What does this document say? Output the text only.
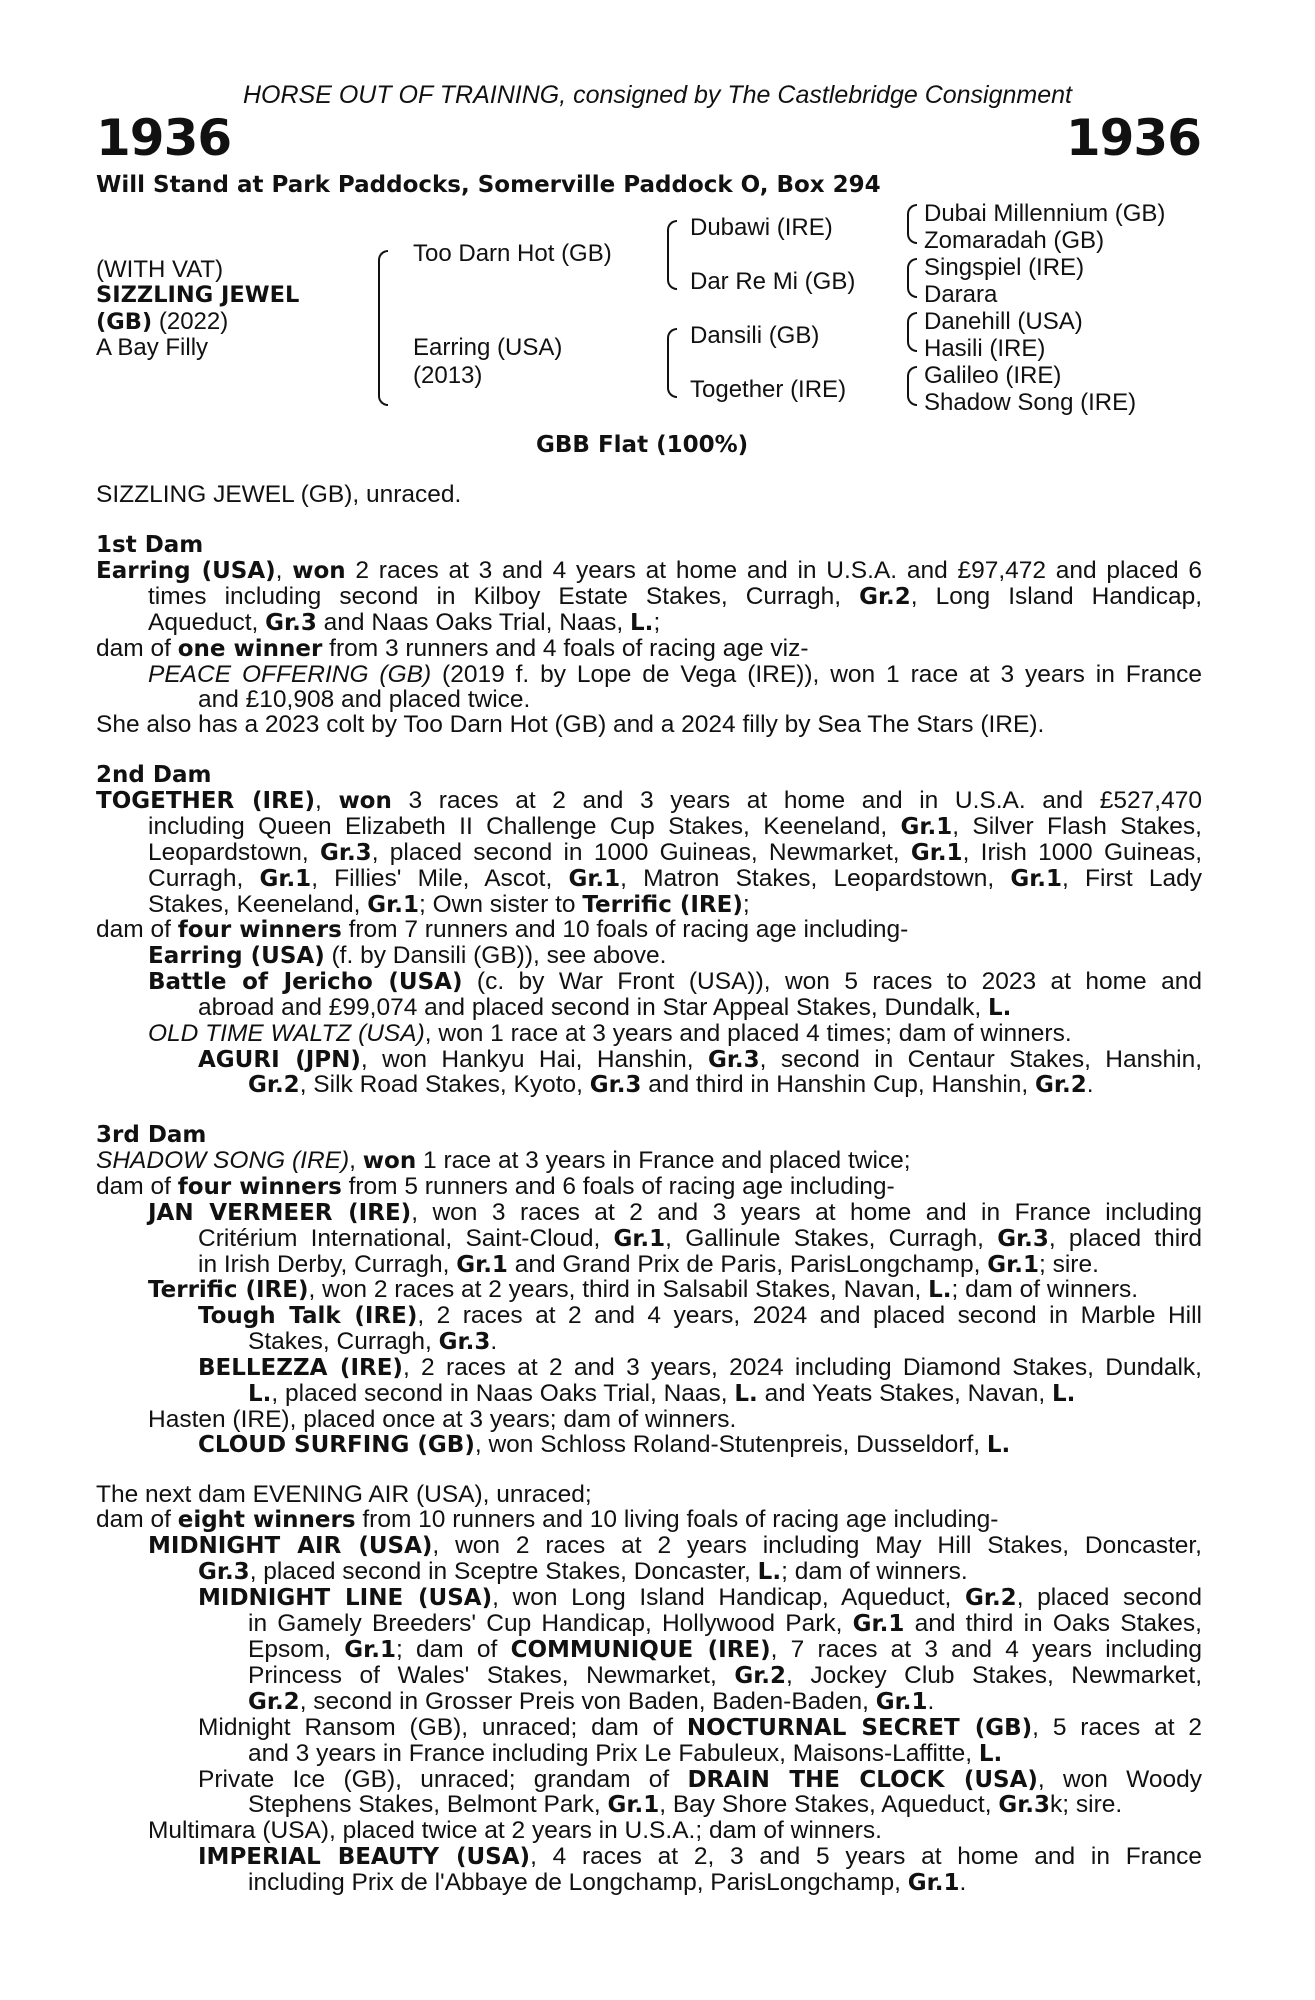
HORSE OUT OF TRAINING, consigned by The Castlebridge Consignment
1936	1936
Will Stand at Park Paddocks, Somerville Paddock O, Box 294
(WITH VAT)
SIZZLING JEWEL
(GB) (2022)
A Bay Filly
Too Darn Hot (GB)
Earring (USA)
(2013)
Dubawi (IRE)
Dar Re Mi (GB)
Dansili (GB)
Together (IRE)
Dubai Millennium (GB)
Zomaradah (GB)
Singspiel (IRE)
Darara
Danehill (USA)
Hasili (IRE)
Galileo (IRE)
Shadow Song (IRE)
GBB Flat (100%)
SIZZLING JEWEL (GB), unraced.
1st Dam
Earring (USA), won 2 races at 3 and 4 years at home and in U.S.A. and £97,472 and placed 6
times including second in Kilboy Estate Stakes, Curragh, Gr.2, Long Island Handicap,
Aqueduct, Gr.3 and Naas Oaks Trial, Naas, L.;
dam of one winner from 3 runners and 4 foals of racing age viz-
PEACE OFFERING (GB) (2019 f. by Lope de Vega (IRE)), won 1 race at 3 years in France
and £10,908 and placed twice.
She also has a 2023 colt by Too Darn Hot (GB) and a 2024 filly by Sea The Stars (IRE).
2nd Dam
TOGETHER (IRE), won 3 races at 2 and 3 years at home and in U.S.A. and £527,470
including Queen Elizabeth II Challenge Cup Stakes, Keeneland, Gr.1, Silver Flash Stakes,
Leopardstown, Gr.3, placed second in 1000 Guineas, Newmarket, Gr.1, Irish 1000 Guineas,
Curragh, Gr.1, Fillies' Mile, Ascot, Gr.1, Matron Stakes, Leopardstown, Gr.1, First Lady
Stakes, Keeneland, Gr.1; Own sister to Terrific (IRE);
dam of four winners from 7 runners and 10 foals of racing age including-
Earring (USA) (f. by Dansili (GB)), see above.
Battle of Jericho (USA) (c. by War Front (USA)), won 5 races to 2023 at home and
abroad and £99,074 and placed second in Star Appeal Stakes, Dundalk, L.
OLD TIME WALTZ (USA), won 1 race at 3 years and placed 4 times; dam of winners.
AGURI (JPN), won Hankyu Hai, Hanshin, Gr.3, second in Centaur Stakes, Hanshin,
Gr.2, Silk Road Stakes, Kyoto, Gr.3 and third in Hanshin Cup, Hanshin, Gr.2.
3rd Dam
SHADOW SONG (IRE), won 1 race at 3 years in France and placed twice;
dam of four winners from 5 runners and 6 foals of racing age including-
JAN VERMEER (IRE), won 3 races at 2 and 3 years at home and in France including
Critérium International, Saint-Cloud, Gr.1, Gallinule Stakes, Curragh, Gr.3, placed third
in Irish Derby, Curragh, Gr.1 and Grand Prix de Paris, ParisLongchamp, Gr.1; sire.
Terrific (IRE), won 2 races at 2 years, third in Salsabil Stakes, Navan, L.; dam of winners.
Tough Talk (IRE), 2 races at 2 and 4 years, 2024 and placed second in Marble Hill
Stakes, Curragh, Gr.3.
BELLEZZA (IRE), 2 races at 2 and 3 years, 2024 including Diamond Stakes, Dundalk,
L., placed second in Naas Oaks Trial, Naas, L. and Yeats Stakes, Navan, L.
Hasten (IRE), placed once at 3 years; dam of winners.
CLOUD SURFING (GB), won Schloss Roland-Stutenpreis, Dusseldorf, L.
The next dam EVENING AIR (USA), unraced;
dam of eight winners from 10 runners and 10 living foals of racing age including-
MIDNIGHT AIR (USA), won 2 races at 2 years including May Hill Stakes, Doncaster,
Gr.3, placed second in Sceptre Stakes, Doncaster, L.; dam of winners.
MIDNIGHT LINE (USA), won Long Island Handicap, Aqueduct, Gr.2, placed second
in Gamely Breeders' Cup Handicap, Hollywood Park, Gr.1 and third in Oaks Stakes,
Epsom, Gr.1; dam of COMMUNIQUE (IRE), 7 races at 3 and 4 years including
Princess of Wales' Stakes, Newmarket, Gr.2, Jockey Club Stakes, Newmarket,
Gr.2, second in Grosser Preis von Baden, Baden-Baden, Gr.1.
Midnight Ransom (GB), unraced; dam of NOCTURNAL SECRET (GB), 5 races at 2
and 3 years in France including Prix Le Fabuleux, Maisons-Laffitte, L.
Private Ice (GB), unraced; grandam of DRAIN THE CLOCK (USA), won Woody
Stephens Stakes, Belmont Park, Gr.1, Bay Shore Stakes, Aqueduct, Gr.3k; sire.
Multimara (USA), placed twice at 2 years in U.S.A.; dam of winners.
IMPERIAL BEAUTY (USA), 4 races at 2, 3 and 5 years at home and in France
including Prix de l'Abbaye de Longchamp, ParisLongchamp, Gr.1.
